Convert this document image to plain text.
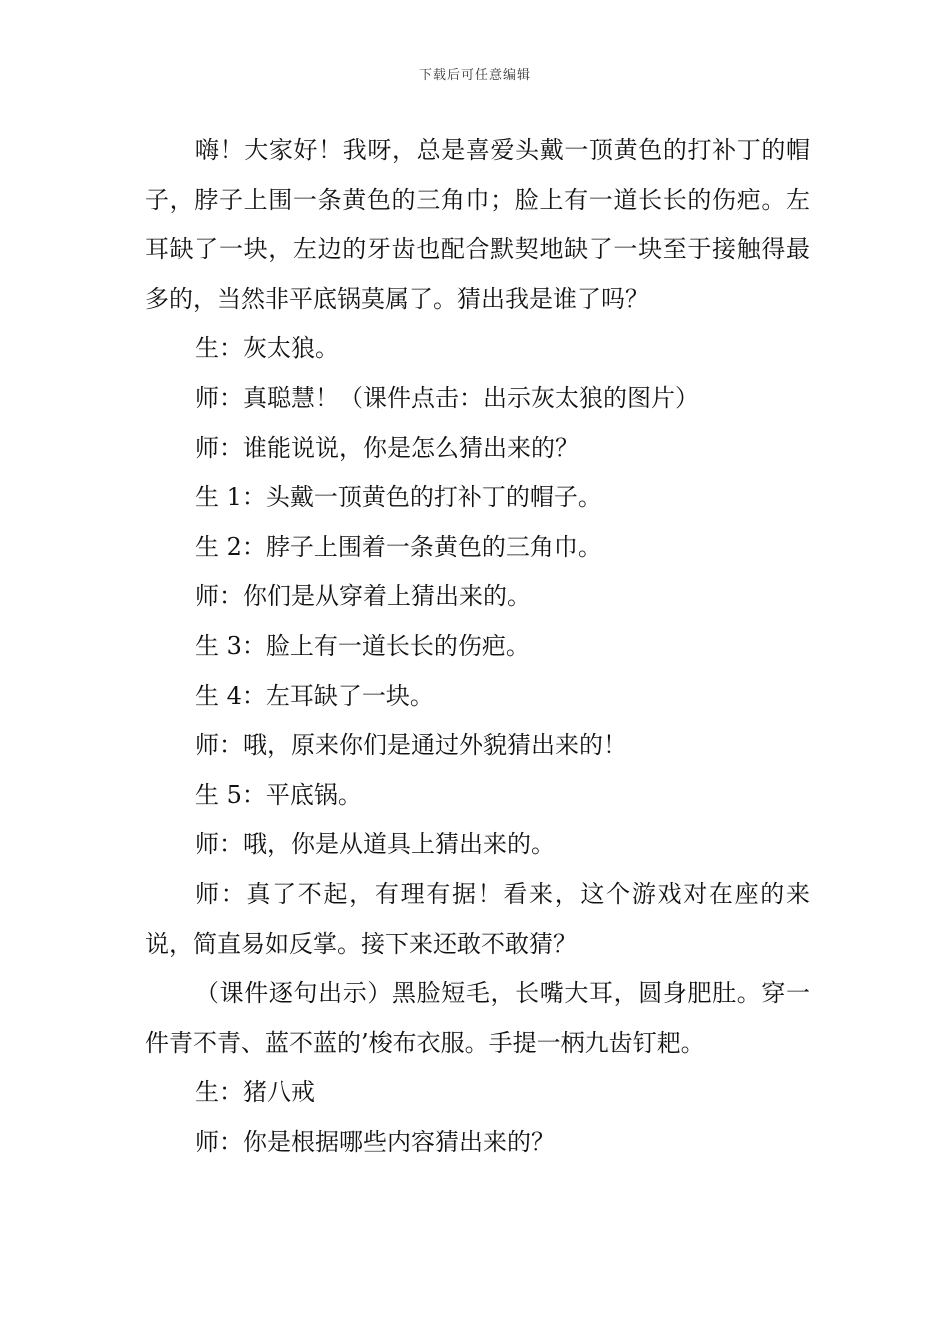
下载后可任意编辑

嗨！大家好！我呀，总是喜爱头戴一顶黄色的打补丁的帽子，脖子上围一条黄色的三角巾；脸上有一道长长的伤疤。左耳缺了一块，左边的牙齿也配合默契地缺了一块至于接触得最多的，当然非平底锅莫属了。猜出我是谁了吗？

生：灰太狼。

师：真聪慧！（课件点击：出示灰太狼的图片）

师：谁能说说，你是怎么猜出来的？

生 1：头戴一顶黄色的打补丁的帽子。

生 2：脖子上围着一条黄色的三角巾。

师：你们是从穿着上猜出来的。

生 3：脸上有一道长长的伤疤。

生 4：左耳缺了一块。

师：哦，原来你们是通过外貌猜出来的！

生 5：平底锅。

师：哦，你是从道具上猜出来的。

师：真了不起，有理有据！看来，这个游戏对在座的来说，简直易如反掌。接下来还敢不敢猜？

（课件逐句出示）黑脸短毛，长嘴大耳，圆身肥肚。穿一件青不青、蓝不蓝的’梭布衣服。手提一柄九齿钉耙。

生：猪八戒

师：你是根据哪些内容猜出来的？
